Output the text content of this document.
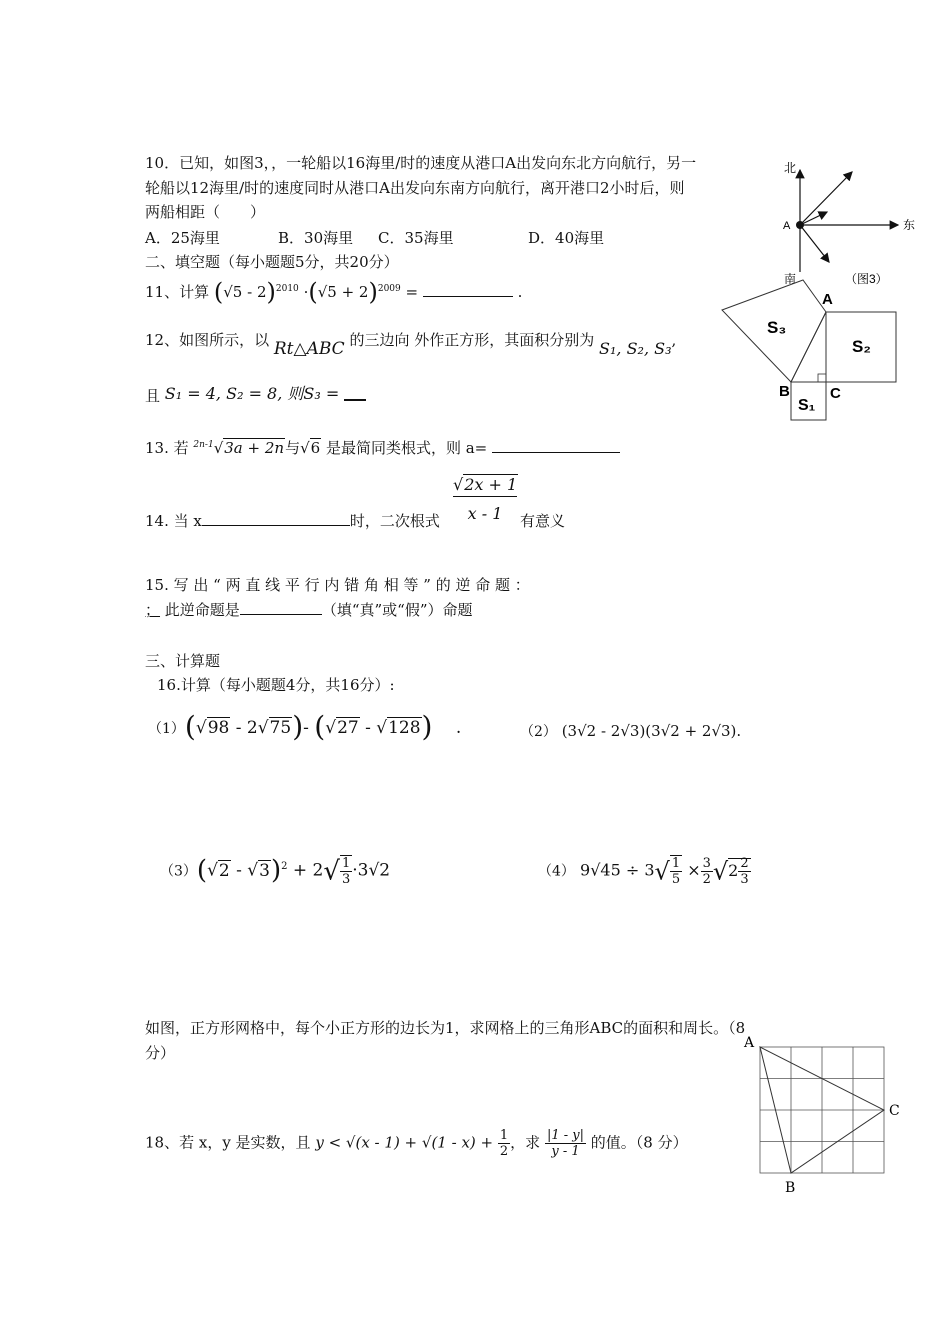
10．已知，如图3，，一轮船以16海里/时的速度从港口A出发向东北方向航行，另一
轮船以12海里/时的速度同时从港口A出发向东南方向航行，离开港口2小时后，则
两船相距（　　）
A．25海里	B．30海里 C．35海里	D．40海里
二、填空题（每小题题5分，共20分）
11、计算 $(√5 - 2)^{2010} \cdot(√5 + 2)^{2009}$ =	.
12、如图所示，以 Rt△ABC 的三边向 外作正方形，其面积分别为 S₁, S₂, S₃,
且 S₁ = 4, S₂ = 8, 则S₃ =
13. 若 $^{2n-1}$√3a + 2n与√6 是最简同类根式，则 a=
14. 当 x	时，二次根式
√2x + 1
x - 1	有意义
15. 写 出 “ 两 直 线 平 行 内 错 角 相 等 ” 的 逆 命 题 ：
； 此逆命题是	（填“真”或“假”）命题
三、计算题
16.计算（每小题题4分，共16分）:
（1）(√98 - 2√75)- (√27 - √128) .	（2） (3√2 - 2√3)(3√2 + 2√3).
$(3)(√2 - √3)^2 + 2√ \frac{1}{3} \cdot 3√2$	（4） $9√45 \div 3√ \frac{1}{5} \times \frac{3}{2} √2 \frac{2}{3}$
如图，正方形网格中，每个小正方形的边长为1，求网格上的三角形ABC的面积和周长。（8
分）
18、若 x，y 是实数，且 $y < √(x - 1) + √(1 - x) + \frac{1}{2}$ ，求 $\frac{|1 - y|}{y - 1}$ 的值。（8 分）
北
东
南
A
（图3）
S₃
S₂
S₁
A
B	C
A
C
B
